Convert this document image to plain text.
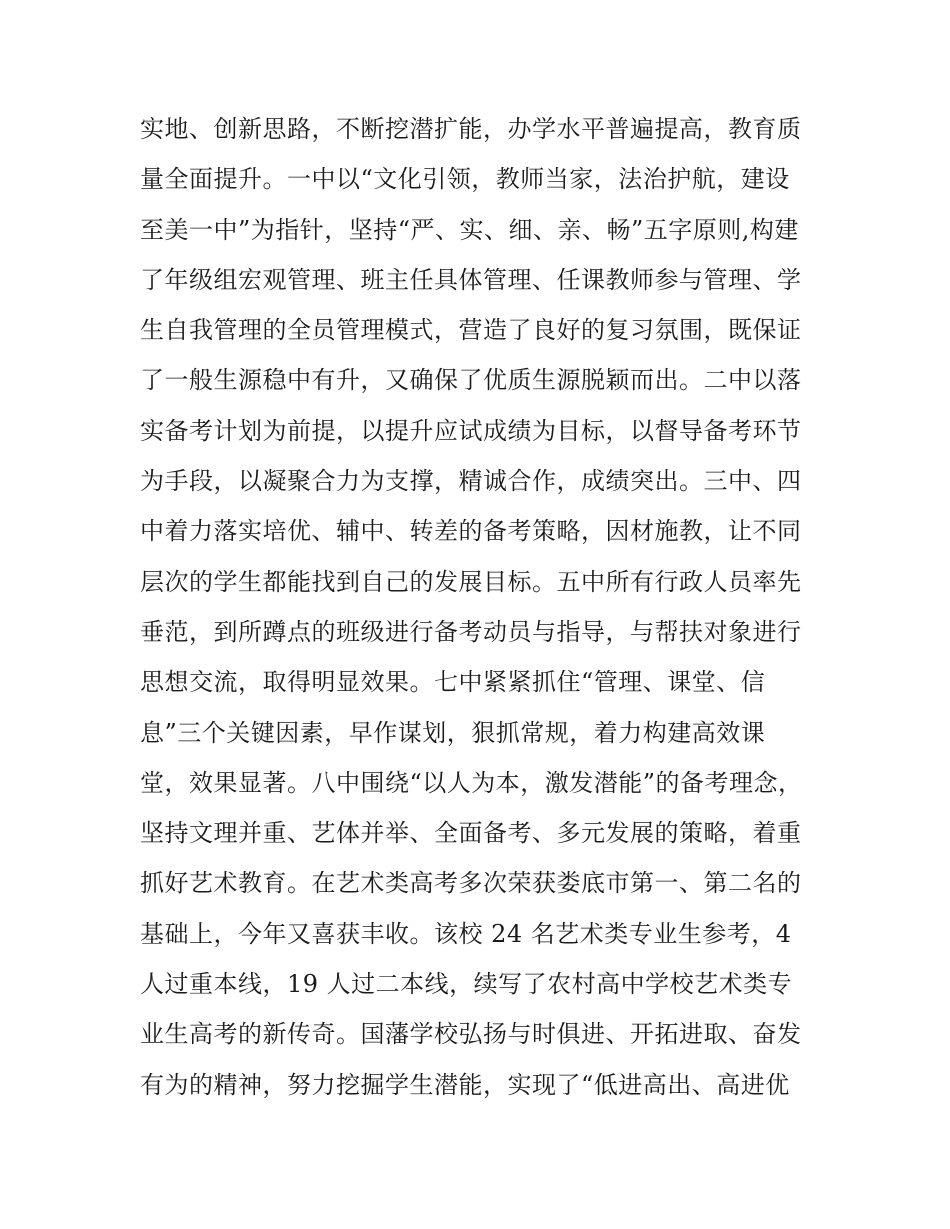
实地、创新思路，不断挖潜扩能，办学水平普遍提高，教育质
量全面提升。一中以“文化引领，教师当家，法治护航，建设
至美一中”为指针，坚持“严、实、细、亲、畅”五字原则,构建
了年级组宏观管理、班主任具体管理、任课教师参与管理、学
生自我管理的全员管理模式，营造了良好的复习氛围，既保证
了一般生源稳中有升，又确保了优质生源脱颖而出。二中以落
实备考计划为前提，以提升应试成绩为目标，以督导备考环节
为手段，以凝聚合力为支撑，精诚合作，成绩突出。三中、四
中着力落实培优、辅中、转差的备考策略，因材施教，让不同
层次的学生都能找到自己的发展目标。五中所有行政人员率先
垂范，到所蹲点的班级进行备考动员与指导，与帮扶对象进行
思想交流，取得明显效果。七中紧紧抓住“管理、课堂、信
息”三个关键因素，早作谋划，狠抓常规，着力构建高效课
堂，效果显著。八中围绕“以人为本，激发潜能”的备考理念，
坚持文理并重、艺体并举、全面备考、多元发展的策略，着重
抓好艺术教育。在艺术类高考多次荣获娄底市第一、第二名的
基础上，今年又喜获丰收。该校 24 名艺术类专业生参考，4
人过重本线，19 人过二本线，续写了农村高中学校艺术类专
业生高考的新传奇。国藩学校弘扬与时俱进、开拓进取、奋发
有为的精神，努力挖掘学生潜能，实现了“低进高出、高进优
